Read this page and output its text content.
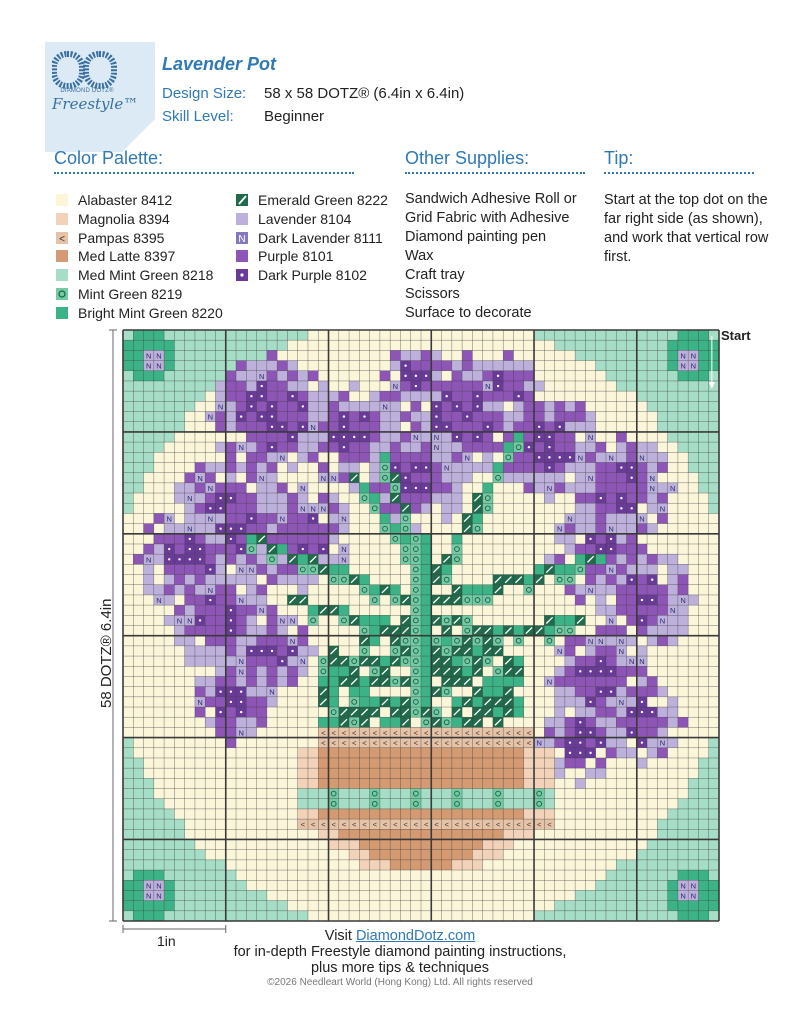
DIAMOND DOTZ®
Freestyle™
Lavender Pot
Design Size: 58 x 58 DOTZ® (6.4in x 6.4in)
Skill Level: Beginner
Color Palette:	Other Supplies:	Tip:
Alabaster 8412
Magnolia 8394
< Pampas 8395
Med Latte 8397
Med Mint Green 8218
Mint Green 8219
Bright Mint Green 8220
Emerald Green 8222
Lavender 8104
N Dark Lavender 8111
Purple 8101
Dark Purple 8102
Sandwich Adhesive Roll or
Grid Fabric with Adhesive
Diamond painting pen
Wax
Craft tray
Scissors
Surface to decorate
Start at the top dot on the far right side (as shown), and work that vertical row first.
N N	N N
N N	N N
N
N	N
N	N
N
N
N N	N
N	N
N	N	N	N	N
N
N	N	N N	N	N
N	N	N	N N
N
N N N	N
N	N	N	N	N	N
N	N	N
N
N	N
N N	N
N	N
N	N	N
N	N
N N	N N	N	N
N	N N N
N	N
N	N	N N
N
N
N
N	N
N	< < < < < < < < < < < < < < < < < < < < <
< < < < < < < < < < < < < < < < < < < < < N	N
< < < < < < < < < < < < < < < < < < < < < < < < <
N N	N N
N N	N N
Start
58 DOTZ® 6.4in
1in	Visit DiamondDotz.com
for in-depth Freestyle diamond painting instructions,
plus more tips & techniques
©2026 Needleart World (Hong Kong) Ltd. All rights reserved
